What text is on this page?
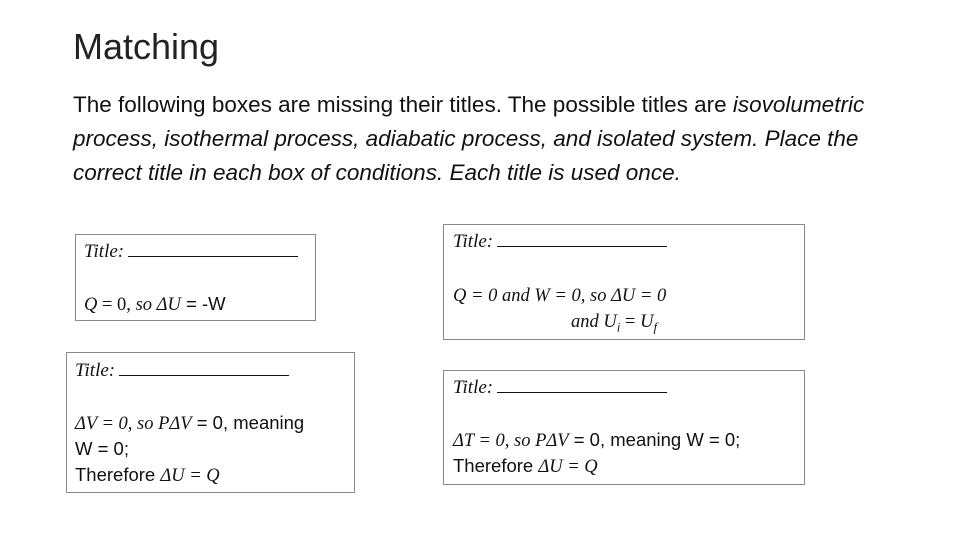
Matching

The following boxes are missing their titles. The possible titles are isovolumetric process, isothermal process, adiabatic process, and isolated system. Place the correct title in each box of conditions. Each title is used once.

Title:
Q = 0, so ΔU = -W
Title:
Q = 0 and W = 0, so ΔU = 0
and $U_i = U_f$
Title:
ΔV = 0, so PΔV = 0, meaning
W = 0;
Therefore ΔU = Q
Title:
ΔT = 0, so PΔV = 0, meaning W = 0;
Therefore ΔU = Q
